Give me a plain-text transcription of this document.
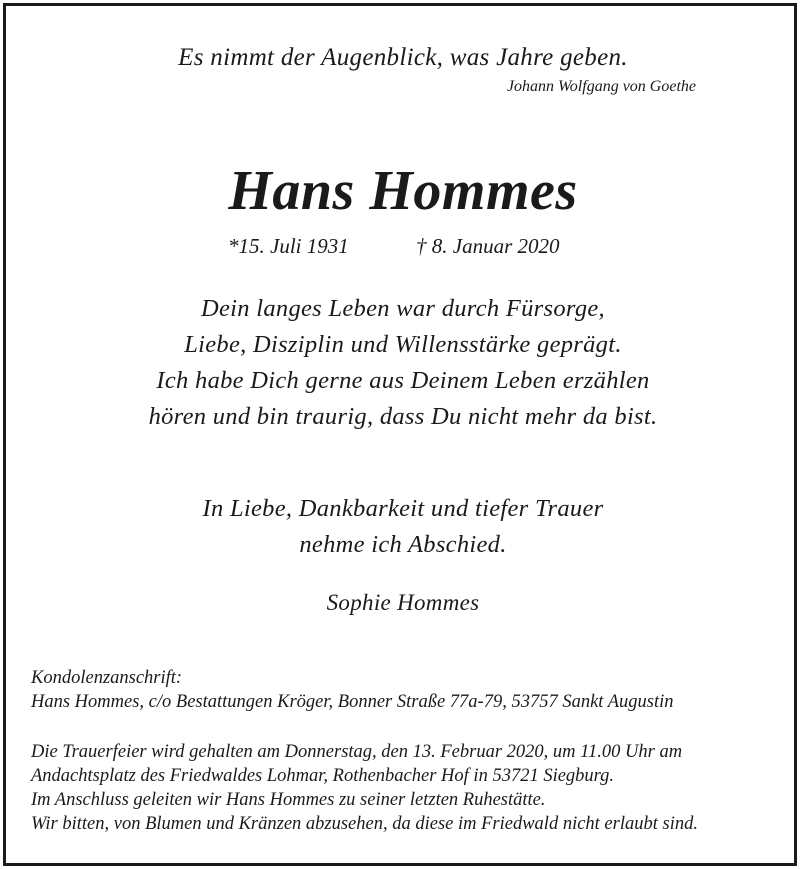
Es nimmt der Augenblick, was Jahre geben.

Johann Wolfgang von Goethe

Hans Hommes
*15. Juli 1931	† 8. Januar 2020
Dein langes Leben war durch Fürsorge,
Liebe, Disziplin und Willensstärke geprägt.
Ich habe Dich gerne aus Deinem Leben erzählen
hören und bin traurig, dass Du nicht mehr da bist.
In Liebe, Dankbarkeit und tiefer Trauer
nehme ich Abschied.

Sophie Hommes

Kondolenzanschrift:
Hans Hommes, c/o Bestattungen Kröger, Bonner Straße 77a-79, 53757 Sankt Augustin
Die Trauerfeier wird gehalten am Donnerstag, den 13. Februar 2020, um 11.00 Uhr am
Andachtsplatz des Friedwaldes Lohmar, Rothenbacher Hof in 53721 Siegburg.
Im Anschluss geleiten wir Hans Hommes zu seiner letzten Ruhestätte.
Wir bitten, von Blumen und Kränzen abzusehen, da diese im Friedwald nicht erlaubt sind.
